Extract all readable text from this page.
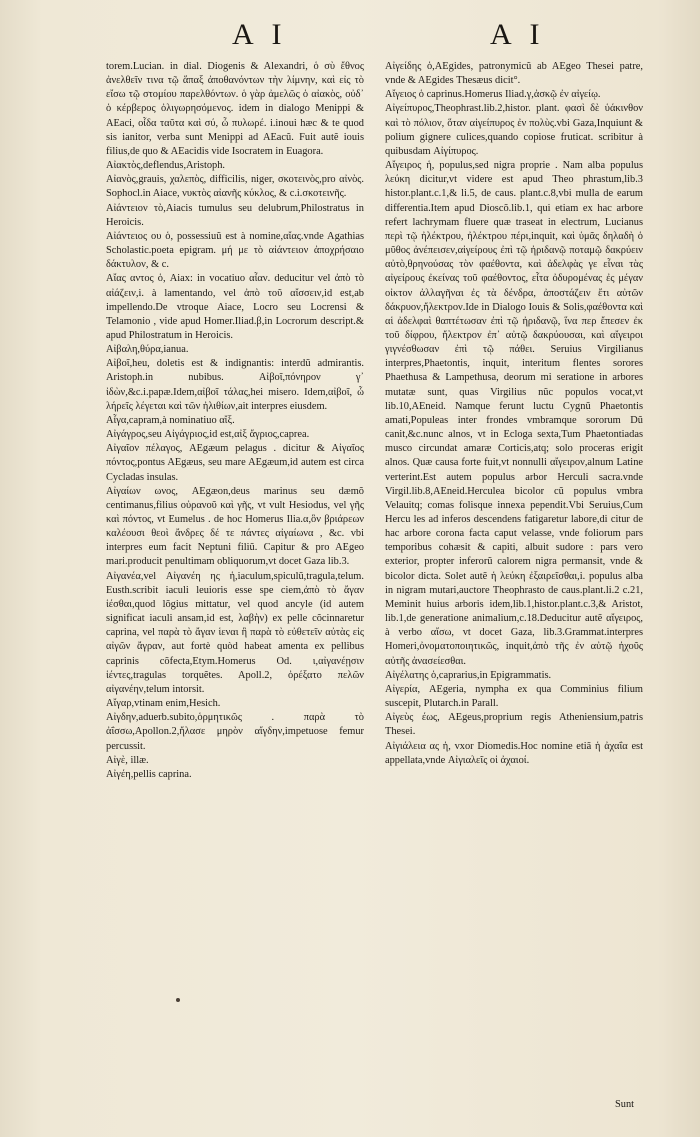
A I	A I

torem.Lucian. in dial. Diogenis & Alexandri, ὁ σὺ ἔθνος ἀνελθεῖν τινα τῷ ἅπαξ ἀποθανόντων τὴν λίμνην, καὶ εἰς τὸ εἴσω τῷ στομίου παρελθόντων. ὁ γὰρ ἀμελῶς ὁ αἰακὸς, οὐδ᾽ ὁ κέρβερος ὀλιγωρησόμενος. idem in dialogo Menippi & AEaci, οἶδα ταῦτα καὶ σύ, ὦ πυλωρέ. i.inoui hæc & te quod sis ianitor, verba sunt Menippi ad AEacũ. Fuit autẽ iouis filius,de quo & AEacidis vide Isocratem in Euagora.

Αἰακτὸς,deflendus,Aristoph.

Αἰανὸς,grauis, χαλεπὸς, difficilis, niger, σκοτεινὸς,pro αἰνὸς. Sophocl.in Aiace, νυκτὸς αἰανῆς κύκλος, & c.i.σκοτεινῆς.

Αἰάντειον τὸ,Aiacis tumulus seu delubrum,Philostratus in Heroicis.

Αἰάντειος ου ὁ, possessiuũ est à nomine,αἴας.vnde Agathias Scholastic.poeta epigram. μή με τὸ αἰάντειον ἀποχρήσαιο δάκτυλον, & c.

Αἴας αντος ὁ, Aiax: in vocatiuo αἶαν. deducitur vel ἀπὸ τὸ αἰάζειν,i. à lamentando, vel ἀπὸ τοῦ αἴσσειν,id est,ab impellendo.De vtroque Aiace, Locro seu Locrensi & Telamonio , vide apud Homer.Iliad.β,in Locrorum descript.& apud Philostratum in Heroicis.

Αἰβαλη,θύρα,ianua.

Αἰβοῖ,heu, doletis est & indignantis: interdũ admirantis. Aristoph.in nubibus. Αἰβοῖ,πόνηρον γ᾽ ἰδὼν,&c.i.papæ.Idem,αἰβοῖ τάλας,hei misero. Idem,αἰβοῖ, ὦ λήρεῖς λέγεται καὶ τῶν ἠλιθίων,ait interpres eiusdem.

Αἶγα,capram,à nominatiuo αἴξ.

Αἰγάγρος,seu Αἰγάγριος,id est,αἰξ ἄγριος,caprea.

Αἰγαῖον πέλαγος, AEgæum pelagus . dicitur & Αἰγαῖος πόντος,pontus AEgæus, seu mare AEgæum,id autem est circa Cycladas insulas.

Αἰγαίων ωνος, AEgæon,deus marinus seu dæmõ centimanus,filius οὐρανοῦ καὶ γῆς, vt vult Hesiodus, vel γῆς καὶ πόντος, vt Eumelus . de hoc Homerus Ilia.α,ὃν βριάρεων καλέουσι θεοὶ ἄνδρες δέ τε πάντες αἰγαίωνα , &c. vbi interpres eum facit Neptuni filiũ. Capitur & pro AEgeo mari.producit penultimam obliquorum,vt docet Gaza lib.3.

Αἰγανέα,vel Αἰγανέη ης ἡ,iaculum,spiculũ,tragula,telum. Eusth.scribit iaculi leuioris esse spe ciem,ἀπὸ τὸ ἄγαν ἱέσθαι,quod lõgius mittatur, vel quod ancyle (id autem significat iaculi ansam,id est, λαβὴν) ex pelle cõcinnaretur caprina, vel παρὰ τὸ ἄγαν ἱεναι ἢ παρὰ τὸ εὐθετεῖν αὐτὰς εἰς αἰγῶν ἄγραν, aut fortè quòd habeat amenta ex pellibus caprinis cõfecta,Etym.Homerus Od. ι,αἰγανέῃσιν ἱέντες,tragulas torquẽtes. Apoll.2, ὀρέξατο πελῶν αἰγανέην,telum intorsit.

Αἴγαρ,vtinam enim,Hesich.

Αἰγδην,aduerb.subito,ὁρμητικῶς . παρὰ τὸ ἀΐσσω,Apollon.2,ἤλασε μηρὸν αἴγδην,impetuose femur percussit.

Αἰγὲ, illæ.

Αἰγέη,pellis caprina.

Αἰγείδης ὁ,AEgides, patronymicũ ab AEgeo Thesei patre, vnde & AEgides Thesæus dicit°.

Αἴγειος ὁ caprinus.Homerus Iliad.γ,ἀσκῷ ἐν αἰγείῳ.

Αἰγείπυρος,Theophrast.lib.2,histor. plant. φασὶ δὲ ὑάκινθον καὶ τὸ πόλιον, ὅταν αἰγείπυρος ἐν πολὺς.vbi Gaza,Inquiunt & polium gignere culices,quando copiose fruticat. scribitur à quibusdam Αἰγίπυρος.

Αἴγειρος ἡ, populus,sed nigra proprie . Nam alba populus λεύκη dicitur,vt videre est apud Theo phrastum,lib.3 histor.plant.c.1,& li.5, de caus. plant.c.8,vbi mulla de earum differentia.Item apud Dioscõ.lib.1, qui etiam ex hac arbore refert lachrymam fluere quæ traseat in electrum, Lucianus περὶ τῷ ἠλέκτρου, ἠλέκτρου πέρι,inquit, καὶ ὑμᾶς δηλαδὴ ὁ μῦθος ἀνέπεισεν,αἰγείρους ἐπὶ τῷ ἠριδανῷ ποταμῷ δακρύειν αὐτὸ,θρηνούσας τὸν φαέθοντα, καὶ ἀδελφὰς γε εἶναι τὰς αἰγείρους ἐκείνας τοῦ φαέθοντος, εἶτα ὀδυρομένας ἐς μέγαν οἰκτον ἀλλαγῆναι ἐς τὰ δένδρα, ἀποστάζειν ἔτι αὐτῶν δάκρυον,ἤλεκτρον.Ide in Dialogo Iouis & Solis,φαέθοντα καὶ αἱ ἀδελφαὶ θαπτέτωσαν ἐπὶ τῷ ἠριδανῷ, ἵνα περ ἔπεσεν ἐκ τοῦ δίφρου, ἤλεκτρον ἐπ᾽ αὐτῷ δακρύουσαι, καὶ αἴγειροι γιγνέσθωσαν ἐπὶ τῷ πάθει. Seruius Virgilianus interpres,Phaetontis, inquit, interitum flentes sorores Phaethusa & Lampethusa, deorum mi seratione in arbores mutatæ sunt, quas Virgilius nũc populos vocat,vt lib.10,AEneid. Namque ferunt luctu Cygnũ Phaetontis amati,Populeas inter frondes vmbramque sororum Dũ canit,&c.nunc alnos, vt in Ecloga sexta,Tum Phaetontiadas musco circundat amaræ Corticis,atq; solo proceras erigit alnos. Quæ causa forte fuit,vt nonnulli αἴγειρον,alnum Latine verterint.Est autem populus arbor Herculi sacra.vnde Virgil.lib.8,AEneid.Herculea bicolor cũ populus vmbra Velauitq; comas folisque innexa pependit.Vbi Seruius,Cum Hercu les ad inferos descendens fatigaretur labore,di citur de hac arbore corona facta caput velasse, vnde foliorum pars temporibus cohæsit & capiti, albuit sudore : pars vero exterior, propter inferorũ calorem nigra permansit, vnde & bicolor dicta. Solet autẽ ἡ λεύκη ἐξαιρεῖσθαι,i. populus alba in nigram mutari,auctore Theophrasto de caus.plant.li.2 c.21, Meminit huius arboris idem,lib.1,histor.plant.c.3,& Aristot, lib.1,de generatione animalium,c.18.Deducitur autẽ αἴγειρος, à verbo αἴσω, vt docet Gaza, lib.3.Grammat.interpres Homeri,ὀνοματοποιητικῶς, inquit,ἀπὸ τῆς ἐν αὐτῷ ἠχοῦς αὐτῆς ἀνασείεσθαι.

Αἰγέλατης ὁ,caprarius,in Epigrammatis.

Αἰγερία, AEgeria, nympha ex qua Comminius filium suscepit, Plutarch.in Parall.

Αἰγεὺς έως, AEgeus,proprium regis Atheniensium,patris Thesei.

Αἰγιάλεια ας ἡ, vxor Diomedis.Hoc nomine etiã ἡ ἀχαΐα est appellata,vnde Αἰγιαλεῖς οἱ ἀχαιοί.

Sunt
